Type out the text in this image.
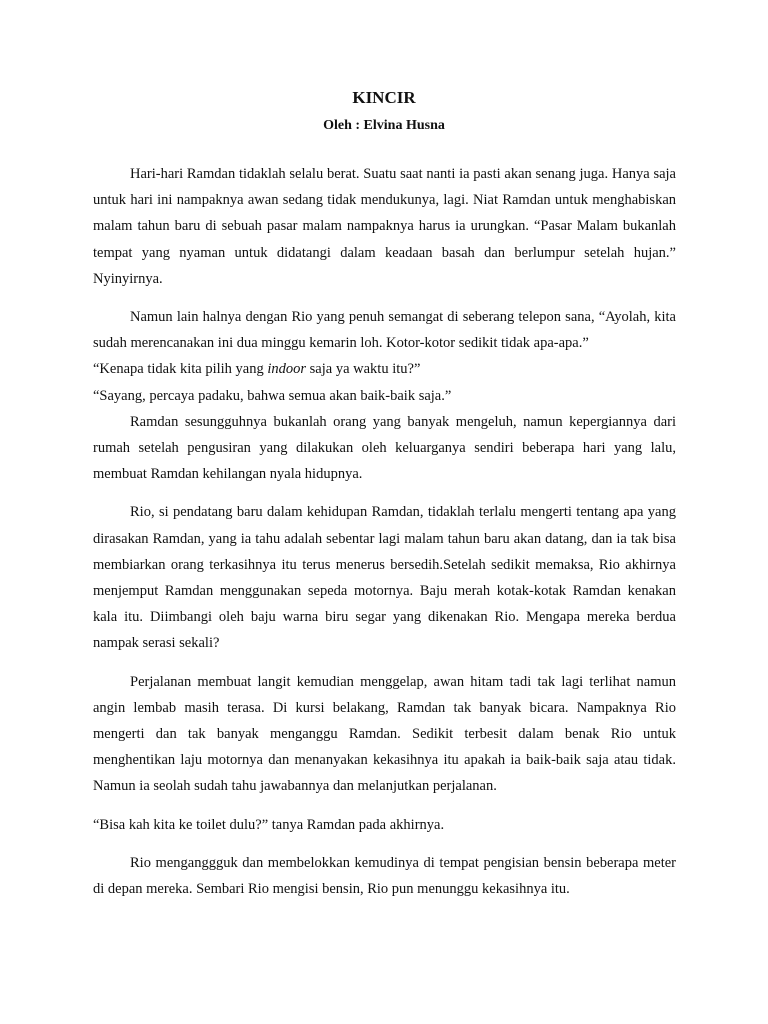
KINCIR
Oleh : Elvina Husna

Hari-hari Ramdan tidaklah selalu berat. Suatu saat nanti ia pasti akan senang juga. Hanya saja untuk hari ini nampaknya awan sedang tidak mendukunya, lagi. Niat Ramdan untuk menghabiskan malam tahun baru di sebuah pasar malam nampaknya harus ia urungkan. “Pasar Malam bukanlah tempat yang nyaman untuk didatangi dalam keadaan basah dan berlumpur setelah hujan.” Nyinyirnya.

Namun lain halnya dengan Rio yang penuh semangat di seberang telepon sana, “Ayolah, kita sudah merencanakan ini dua minggu kemarin loh. Kotor-kotor sedikit tidak apa-apa.”

“Kenapa tidak kita pilih yang indoor saja ya waktu itu?”

“Sayang, percaya padaku, bahwa semua akan baik-baik saja.”

Ramdan sesungguhnya bukanlah orang yang banyak mengeluh, namun kepergiannya dari rumah setelah pengusiran yang dilakukan oleh keluarganya sendiri beberapa hari yang lalu, membuat Ramdan kehilangan nyala hidupnya.

Rio, si pendatang baru dalam kehidupan Ramdan, tidaklah terlalu mengerti tentang apa yang dirasakan Ramdan, yang ia tahu adalah sebentar lagi malam tahun baru akan datang, dan ia tak bisa membiarkan orang terkasihnya itu terus menerus bersedih.Setelah sedikit memaksa, Rio akhirnya menjemput Ramdan menggunakan sepeda motornya. Baju merah kotak-kotak Ramdan kenakan kala itu. Diimbangi oleh baju warna biru segar yang dikenakan Rio. Mengapa mereka berdua nampak serasi sekali?

Perjalanan membuat langit kemudian menggelap, awan hitam tadi tak lagi terlihat namun angin lembab masih terasa. Di kursi belakang, Ramdan tak banyak bicara. Nampaknya Rio mengerti dan tak banyak menganggu Ramdan. Sedikit terbesit dalam benak Rio untuk menghentikan laju motornya dan menanyakan kekasihnya itu apakah ia baik-baik saja atau tidak. Namun ia seolah sudah tahu jawabannya dan melanjutkan perjalanan.

“Bisa kah kita ke toilet dulu?” tanya Ramdan pada akhirnya.

Rio menganggguk dan membelokkan kemudinya di tempat pengisian bensin beberapa meter di depan mereka. Sembari Rio mengisi bensin, Rio pun menunggu kekasihnya itu.
